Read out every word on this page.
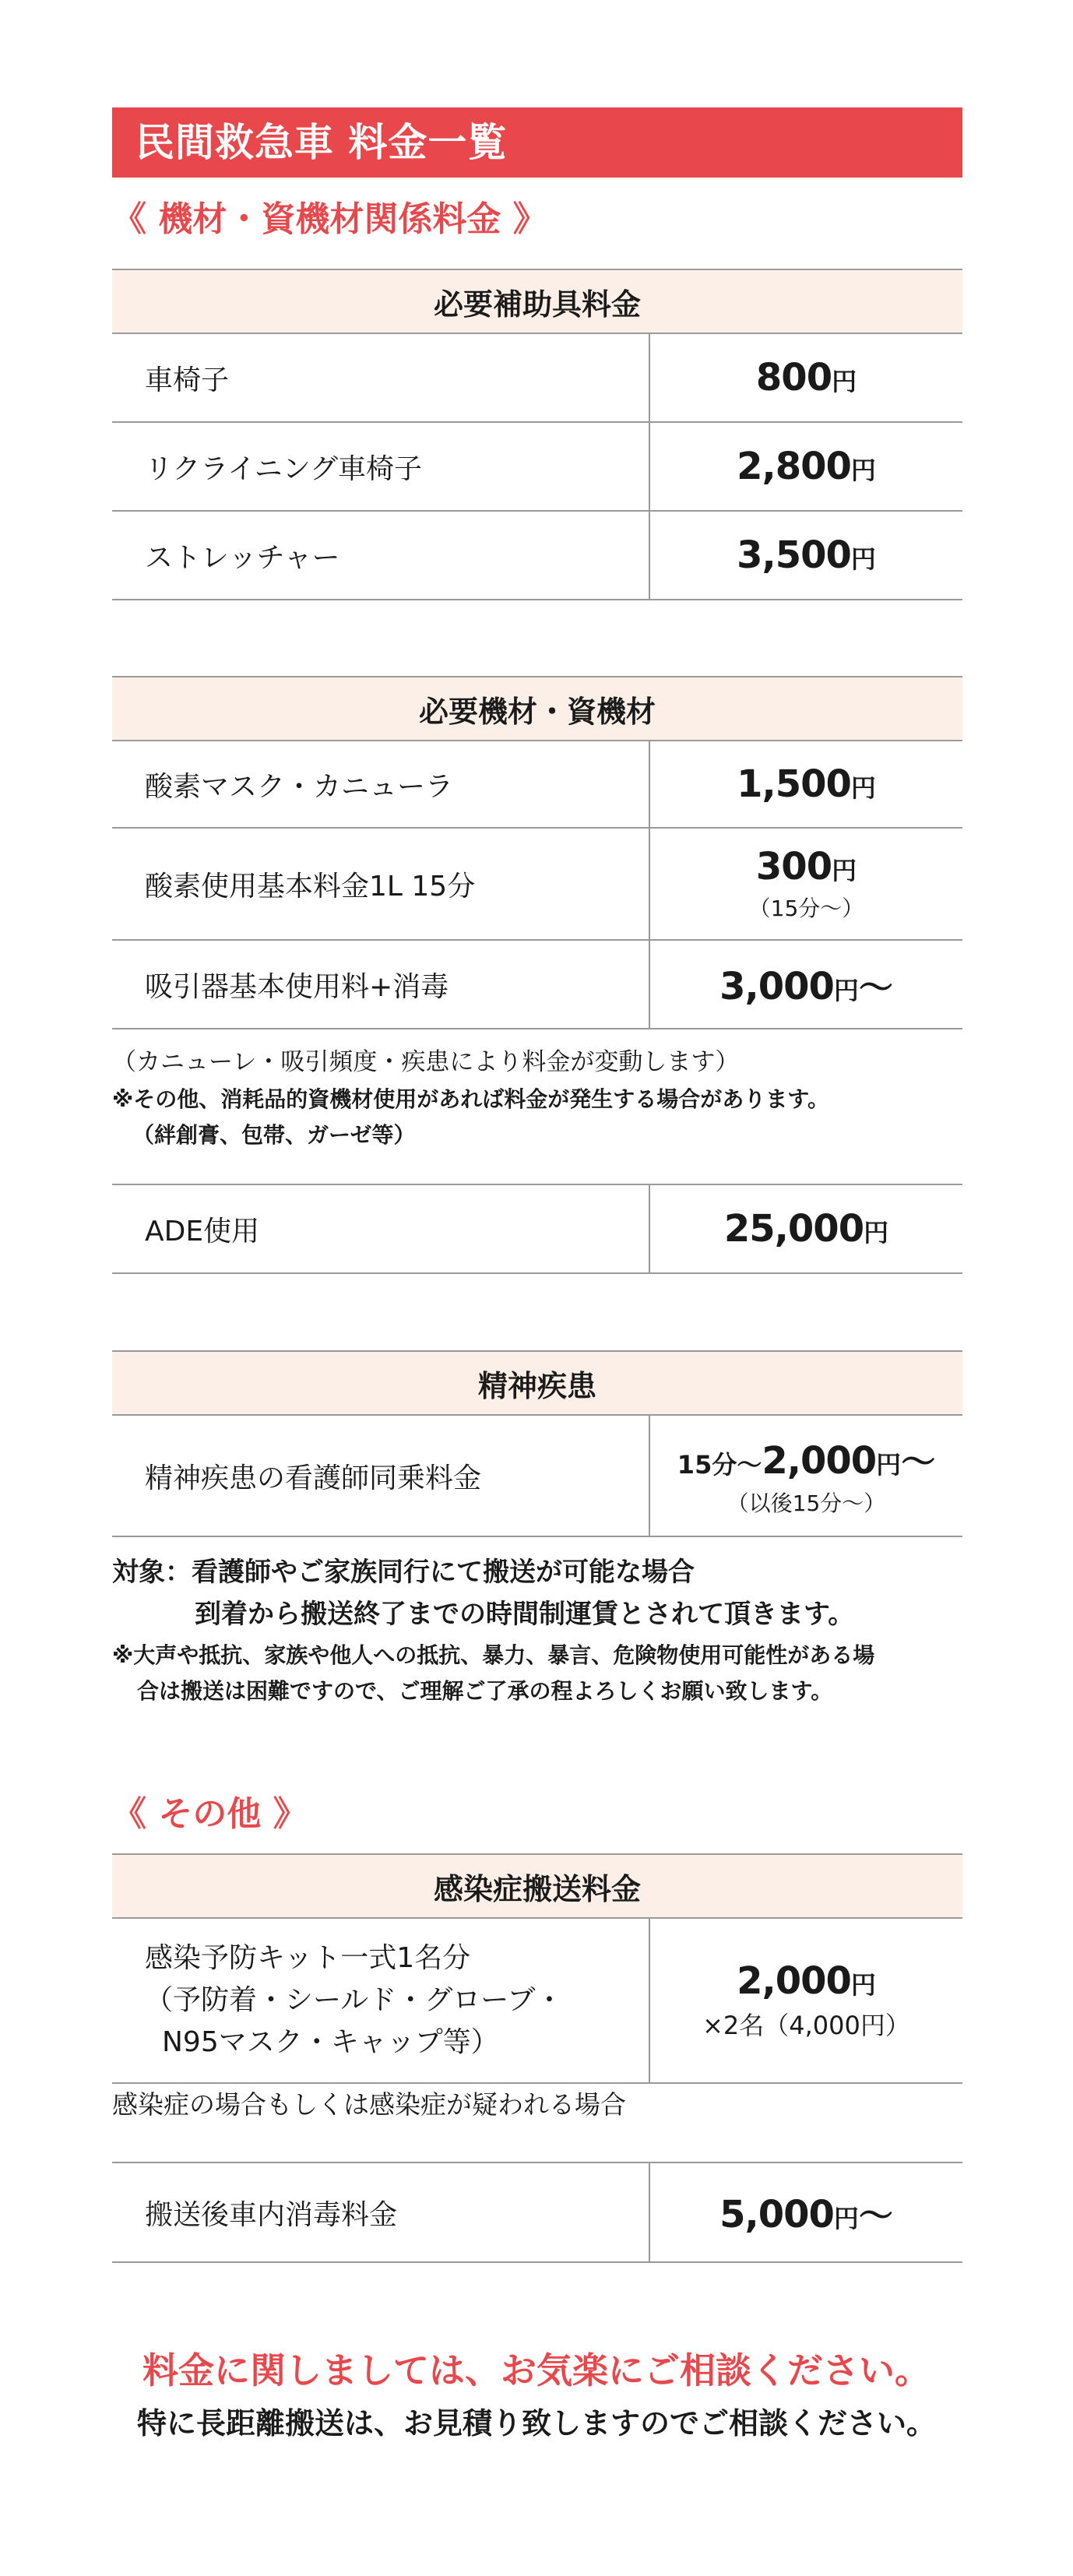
民間救急車 料金一覧
《 機材・資機材関係料金 》
必要補助具料金	
車椅子	800円
リクライニング車椅子	2,800円
ストレッチャー	3,500円
必要機材・資機材	
酸素マスク・カニューラ	1,500円
酸素使用基本料金1L 15分	300円
（15分〜）

吸引器基本使用料+消毒	3,000円〜
（カニューレ・吸引頻度・疾患により料金が変動します）
※その他、消耗品的資機材使用があれば料金が発生する場合があります。
（絆創膏、包帯、ガーゼ等）
ADE使用	25,000円
精神疾患
精神疾患の看護師同乗料金	15分〜2,000円〜
（以後15分〜）
対象：看護師やご家族同行にて搬送が可能な場合
到着から搬送終了までの時間制運賃とされて頂きます。
※大声や抵抗、家族や他人への抵抗、暴力、暴言、危険物使用可能性がある場
合は搬送は困難ですので、ご理解ご了承の程よろしくお願い致します。
《 その他 》
感染症搬送料金

感染予防キット一式1名分
（予防着・シールド・グローブ・
N95マスク・キャップ等）
	2,000円
×2名（4,000円）
感染症の場合もしくは感染症が疑われる場合
搬送後車内消毒料金	5,000円〜
料金に関しましては、お気楽にご相談ください。
特に長距離搬送は、お見積り致しますのでご相談ください。
